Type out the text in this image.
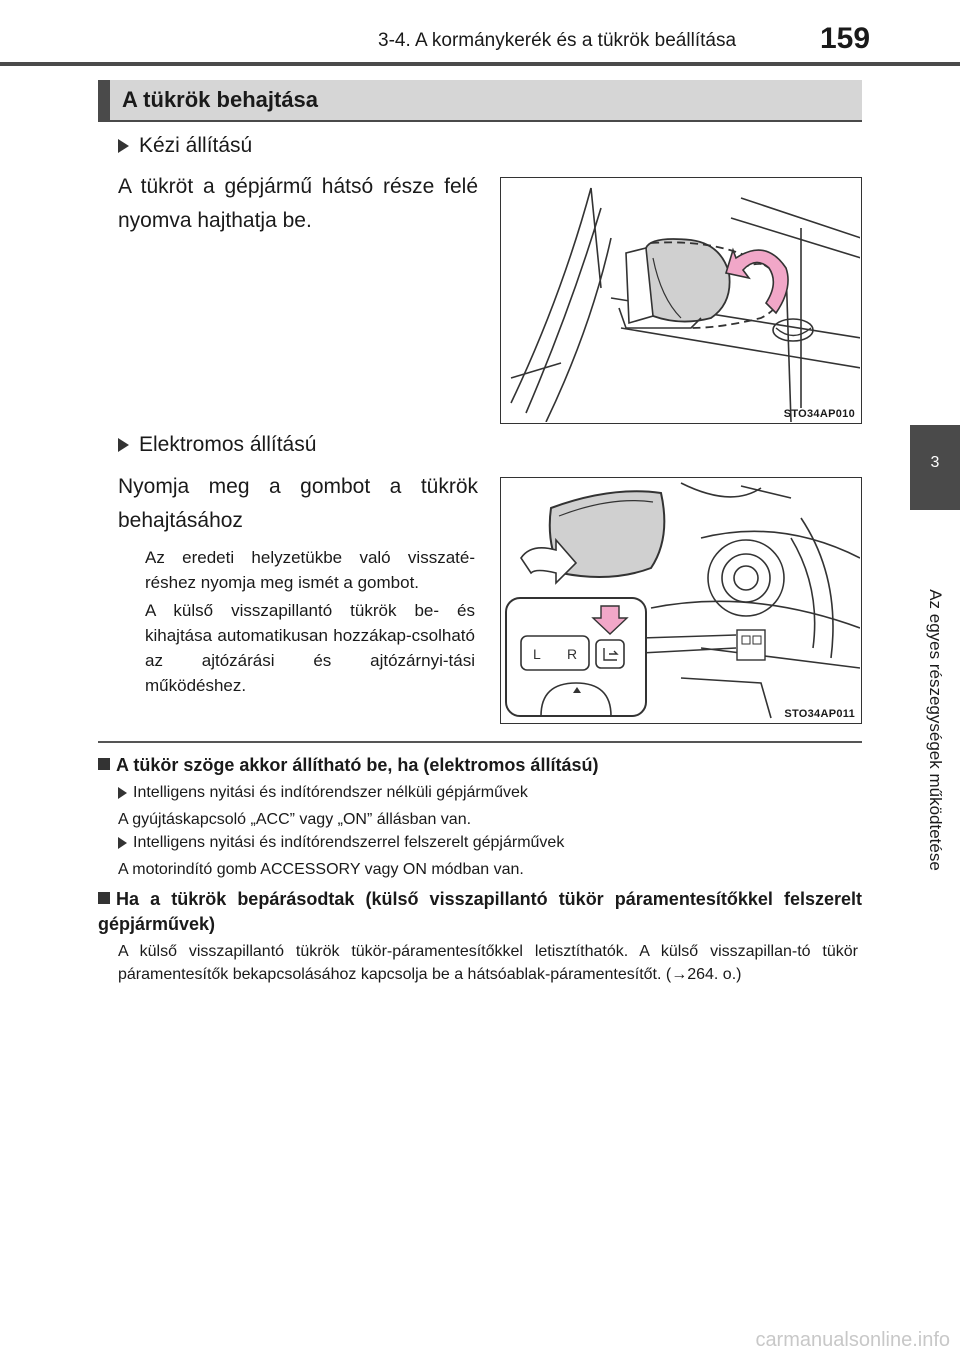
3-4. A kormánykerék és a tükrök beállítása	159
3
Az egyes részegységek működtetése
A tükrök behajtása
Kézi állítású
A tükröt a gépjármű hátsó része felé nyomva hajthatja be.
STO34AP010
Elektromos állítású
Nyomja meg a gombot a tükrök behajtásához
Az eredeti helyzetükbe való visszaté-réshez nyomja meg ismét a gombot.
A külső visszapillantó tükrök be- és kihajtása automatikusan hozzákap-csolható az ajtózárási és ajtózárnyi-tási működéshez.
L R
STO34AP011
A tükör szöge akkor állítható be, ha (elektromos állítású)
Intelligens nyitási és indítórendszer nélküli gépjárművek
A gyújtáskapcsoló „ACC” vagy „ON” állásban van.
Intelligens nyitási és indítórendszerrel felszerelt gépjárművek
A motorindító gomb ACCESSORY vagy ON módban van.
Ha a tükrök bepárásodtak (külső visszapillantó tükör páramentesítőkkel felszerelt gépjárművek)
A külső visszapillantó tükrök tükör-páramentesítőkkel letisztíthatók. A külső visszapillan-tó tükör páramentesítők bekapcsolásához kapcsolja be a hátsóablak-páramentesítőt. (→264. o.)
carmanualsonline.info
